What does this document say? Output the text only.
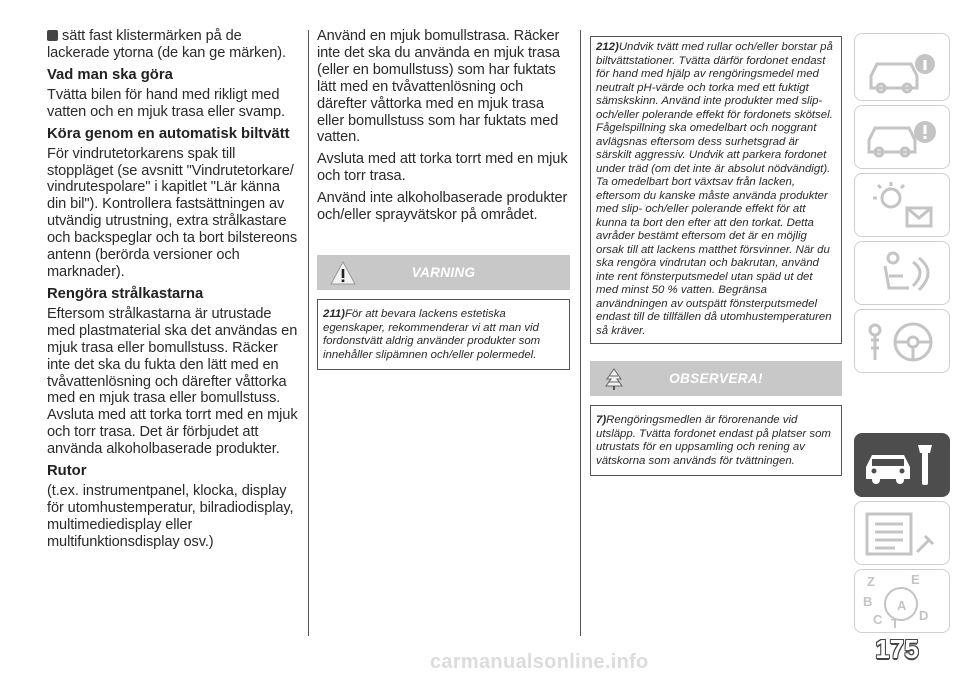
sätt fast klistermärken på de lackerade ytorna (de kan ge märken).

Vad man ska göra

Tvätta bilen för hand med rikligt med vatten och en mjuk trasa eller svamp.

Köra genom en automatisk biltvätt

För vindrutetorkarens spak till stoppläget (se avsnitt "Vindrutetorkare/ vindrutespolare" i kapitlet "Lär känna din bil"). Kontrollera fastsättningen av utvändig utrustning, extra strålkastare och backspeglar och ta bort bilstereons antenn (berörda versioner och marknader).

Rengöra strålkastarna

Eftersom strålkastarna är utrustade med plastmaterial ska det användas en mjuk trasa eller bomullstuss. Räcker inte det ska du fukta den lätt med en tvåvattenlösning och därefter våttorka med en mjuk trasa eller bomullstuss. Avsluta med att torka torrt med en mjuk och torr trasa. Det är förbjudet att använda alkoholbaserade produkter.

Rutor

(t.ex. instrumentpanel, klocka, display för utomhustemperatur, bilradiodisplay, multimediedisplay eller multifunktionsdisplay osv.)

Använd en mjuk bomullstrasa. Räcker inte det ska du använda en mjuk trasa (eller en bomullstuss) som har fuktats lätt med en tvåvattenlösning och därefter våttorka med en mjuk trasa eller bomullstuss som har fuktats med vatten.

Avsluta med att torka torrt med en mjuk och torr trasa.

Använd inte alkoholbaserade produkter och/eller sprayvätskor på området.

VARNING

211)För att bevara lackens estetiska egenskaper, rekommenderar vi att man vid fordonstvätt aldrig använder produkter som innehåller slipämnen och/eller polermedel.

212)Undvik tvätt med rullar och/eller borstar på biltvättstationer. Tvätta därför fordonet endast för hand med hjälp av rengöringsmedel med neutralt pH-värde och torka med ett fuktigt sämskskinn. Använd inte produkter med slip- och/eller polerande effekt för fordonets skötsel. Fågelspillning ska omedelbart och noggrant avlägsnas eftersom dess surhetsgrad är särskilt aggressiv. Undvik att parkera fordonet under träd (om det inte är absolut nödvändigt). Ta omedelbart bort växtsav från lacken, eftersom du kanske måste använda produkter med slip- och/eller polerande effekt för att kunna ta bort den efter att den torkat. Detta avråder bestämt eftersom det är en möjlig orsak till att lackens matthet försvinner. När du ska rengöra vindrutan och bakrutan, använd inte rent fönsterputsmedel utan späd ut det med minst 50 % vatten. Begränsa användningen av outspätt fönsterputsmedel endast till de tillfällen då utomhustemperaturen så kräver.

OBSERVERA!

7)Rengöringsmedlen är förorenande vid utsläpp. Tvätta fordonet endast på platser som utrustats för en uppsamling och rening av vätskorna som används för tvättningen.

Z	E
B A
C T
D
175
carmanualsonline.info
